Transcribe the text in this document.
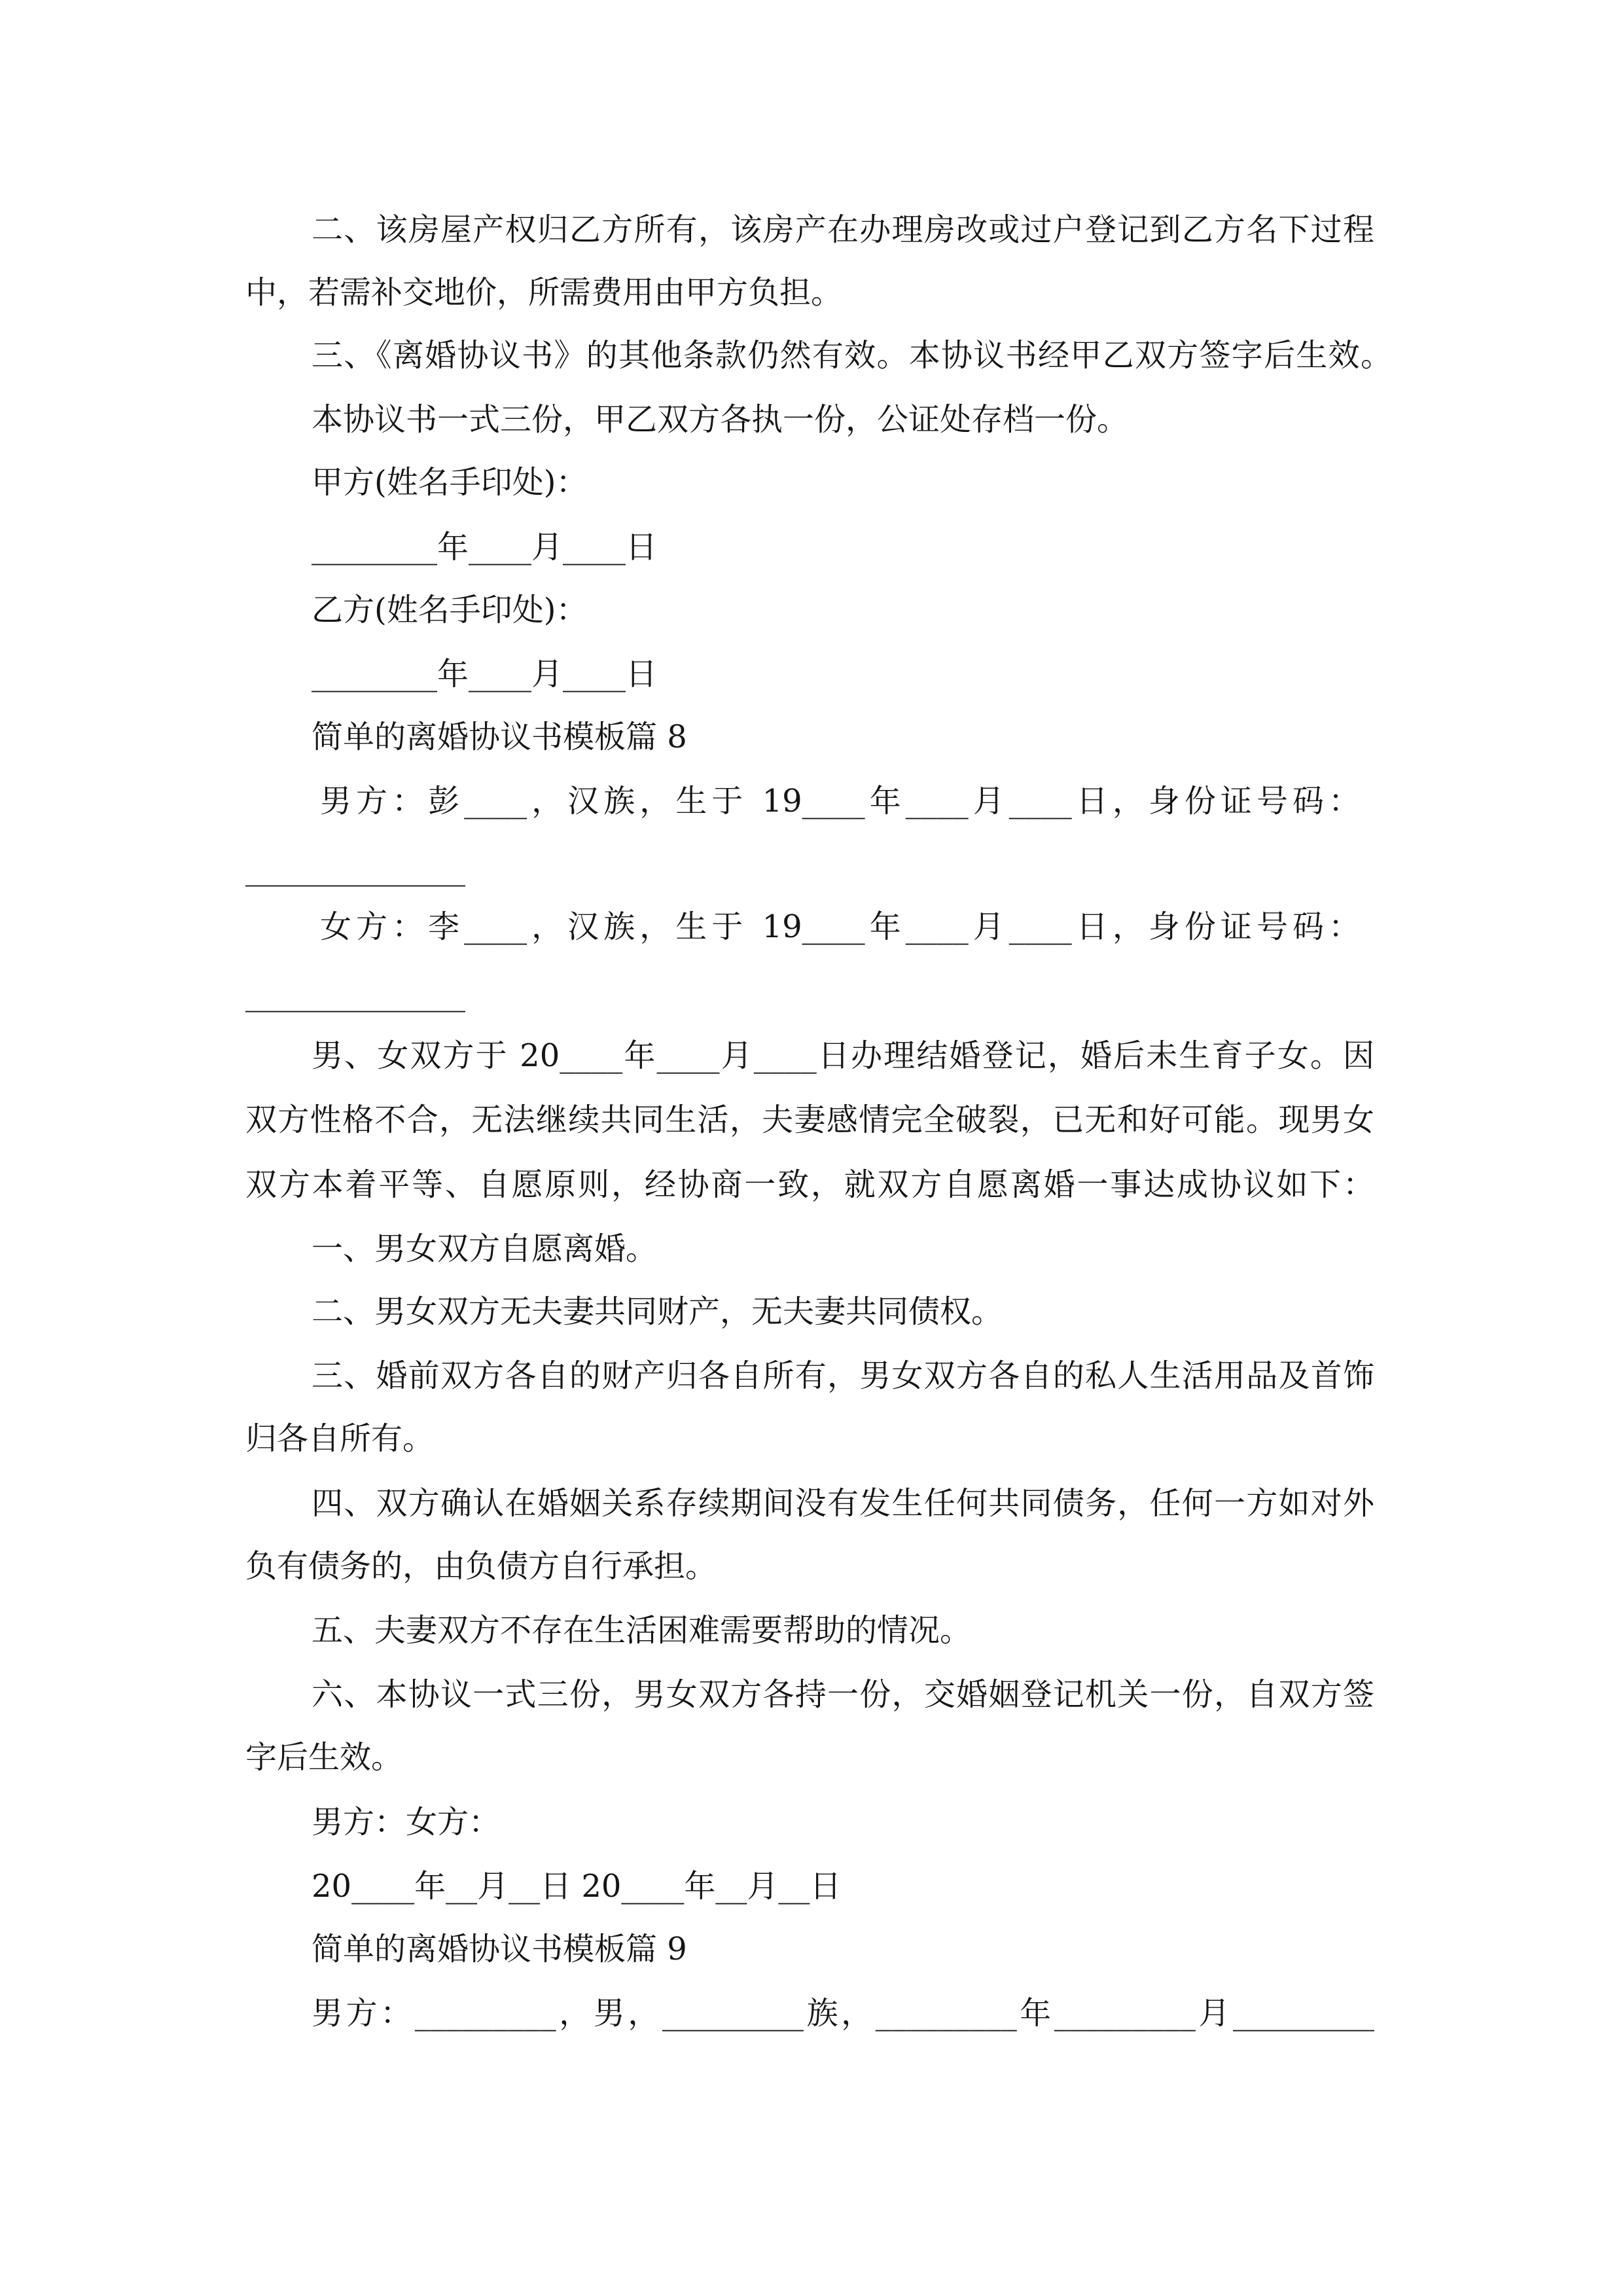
二、该房屋产权归乙方所有，该房产在办理房改或过户登记到乙方名下过程
中，若需补交地价，所需费用由甲方负担。
三、《离婚协议书》的其他条款仍然有效。本协议书经甲乙双方签字后生效。
本协议书一式三份，甲乙双方各执一份，公证处存档一份。
甲方(姓名手印处)：
________年____月____日
乙方(姓名手印处)：
________年____月____日
简单的离婚协议书模板篇 8
男方：彭____，汉族，生于 19____年____月____日，身份证号码：
______________
女方：李____，汉族，生于 19____年____月____日，身份证号码：
______________
男、女双方于 20____年____月____日办理结婚登记，婚后未生育子女。因
双方性格不合，无法继续共同生活，夫妻感情完全破裂，已无和好可能。现男女
双方本着平等、自愿原则，经协商一致，就双方自愿离婚一事达成协议如下：
一、男女双方自愿离婚。
二、男女双方无夫妻共同财产，无夫妻共同债权。
三、婚前双方各自的财产归各自所有，男女双方各自的私人生活用品及首饰
归各自所有。
四、双方确认在婚姻关系存续期间没有发生任何共同债务，任何一方如对外
负有债务的，由负债方自行承担。
五、夫妻双方不存在生活困难需要帮助的情况。
六、本协议一式三份，男女双方各持一份，交婚姻登记机关一份，自双方签
字后生效。
男方：女方：
20____年__月__日 20____年__月__日
简单的离婚协议书模板篇 9
男方：_________，男，_________族，_________年_________月_________
